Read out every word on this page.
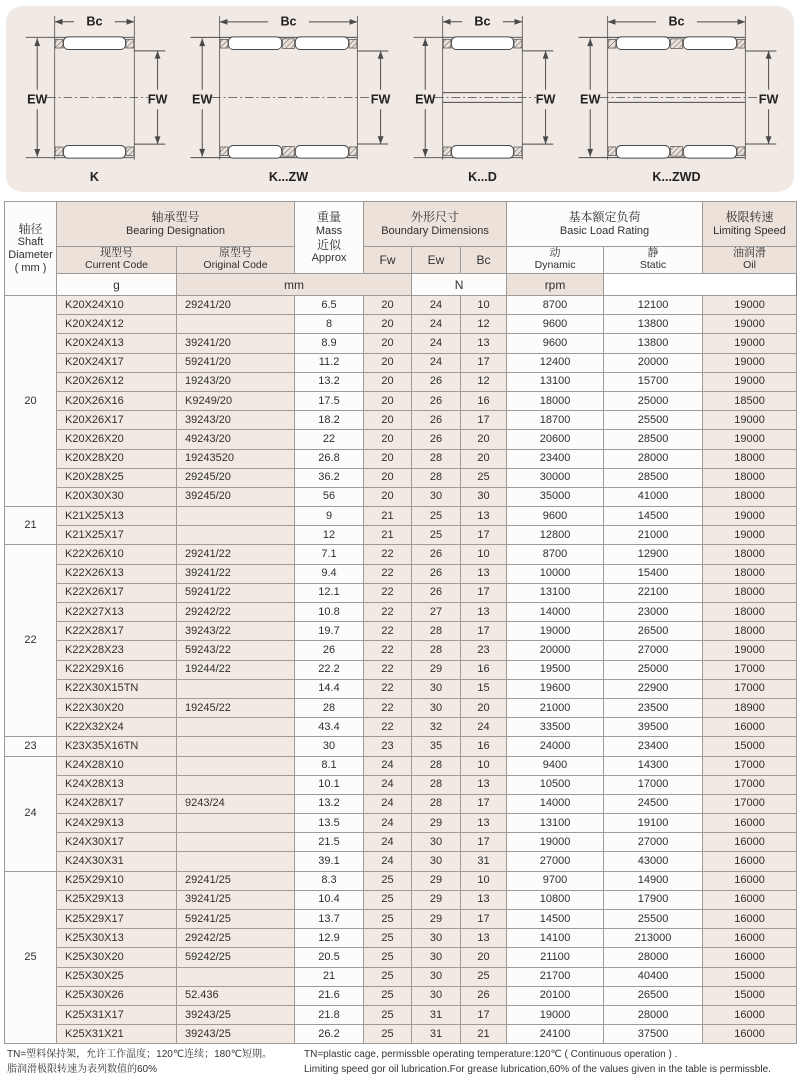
Bc
EW	FW
K
Bc
EW	FW
K...ZW
Bc
EW	FW
K...D
Bc
EW	FW
K...ZWD
轴径
Shaft
Diameter
( mm )	轴承型号
Bearing Designation		重量
Mass
近似
Approx	外形尺寸
Boundary Dimensions			基本额定负荷
Basic Load Rating		极限转速
Limiting Speed

	现型号
Current Code	原型号
Original Code		Fw	Ew	Bc	动
Dynamic	静
Static	油润滑
Oil

	g	mm			N		rpm		
20	K20X24X10	29241/20	6.5	20	24	10	8700	12100	19000
	K20X24X12		8	20	24	12	9600	13800	19000
	K20X24X13	39241/20	8.9	20	24	13	9600	13800	19000
	K20X24X17	59241/20	11.2	20	24	17	12400	20000	19000
	K20X26X12	19243/20	13.2	20	26	12	13100	15700	19000
	K20X26X16	K9249/20	17.5	20	26	16	18000	25000	18500
	K20X26X17	39243/20	18.2	20	26	17	18700	25500	19000
	K20X26X20	49243/20	22	20	26	20	20600	28500	19000
	K20X28X20	19243520	26.8	20	28	20	23400	28000	18000
	K20X28X25	29245/20	36.2	20	28	25	30000	28500	18000
	K20X30X30	39245/20	56	20	30	30	35000	41000	18000
21	K21X25X13		9	21	25	13	9600	14500	19000
	K21X25X17		12	21	25	17	12800	21000	19000
22	K22X26X10	29241/22	7.1	22	26	10	8700	12900	18000
	K22X26X13	39241/22	9.4	22	26	13	10000	15400	18000
	K22X26X17	59241/22	12.1	22	26	17	13100	22100	18000
	K22X27X13	29242/22	10.8	22	27	13	14000	23000	18000
	K22X28X17	39243/22	19.7	22	28	17	19000	26500	18000
	K22X28X23	59243/22	26	22	28	23	20000	27000	19000
	K22X29X16	19244/22	22.2	22	29	16	19500	25000	17000
	K22X30X15TN		14.4	22	30	15	19600	22900	17000
	K22X30X20	19245/22	28	22	30	20	21000	23500	18900
	K22X32X24		43.4	22	32	24	33500	39500	16000
23	K23X35X16TN		30	23	35	16	24000	23400	15000
24	K24X28X10		8.1	24	28	10	9400	14300	17000
	K24X28X13		10.1	24	28	13	10500	17000	17000
	K24X28X17	9243/24	13.2	24	28	17	14000	24500	17000
	K24X29X13		13.5	24	29	13	13100	19100	16000
	K24X30X17		21.5	24	30	17	19000	27000	16000
	K24X30X31		39.1	24	30	31	27000	43000	16000
25	K25X29X10	29241/25	8.3	25	29	10	9700	14900	16000
	K25X29X13	39241/25	10.4	25	29	13	10800	17900	16000
	K25X29X17	59241/25	13.7	25	29	17	14500	25500	16000
	K25X30X13	29242/25	12.9	25	30	13	14100	213000	16000
	K25X30X20	59242/25	20.5	25	30	20	21100	28000	16000
	K25X30X25		21	25	30	25	21700	40400	15000
	K25X30X26	52.436	21.6	25	30	26	20100	26500	15000
	K25X31X17	39243/25	21.8	25	31	17	19000	28000	16000
	K25X31X21	39243/25	26.2	25	31	21	24100	37500	16000
TN=塑料保持架，允许工作温度；120℃连续；180℃短期。
脂润滑极限转速为表列数值的60%
TN=plastic cage, permissble operating temperature:120℃ ( Continuous operation ) .
Limiting speed gor oil lubrication.For grease lubrication,60% of the values given in the table is permissble.
